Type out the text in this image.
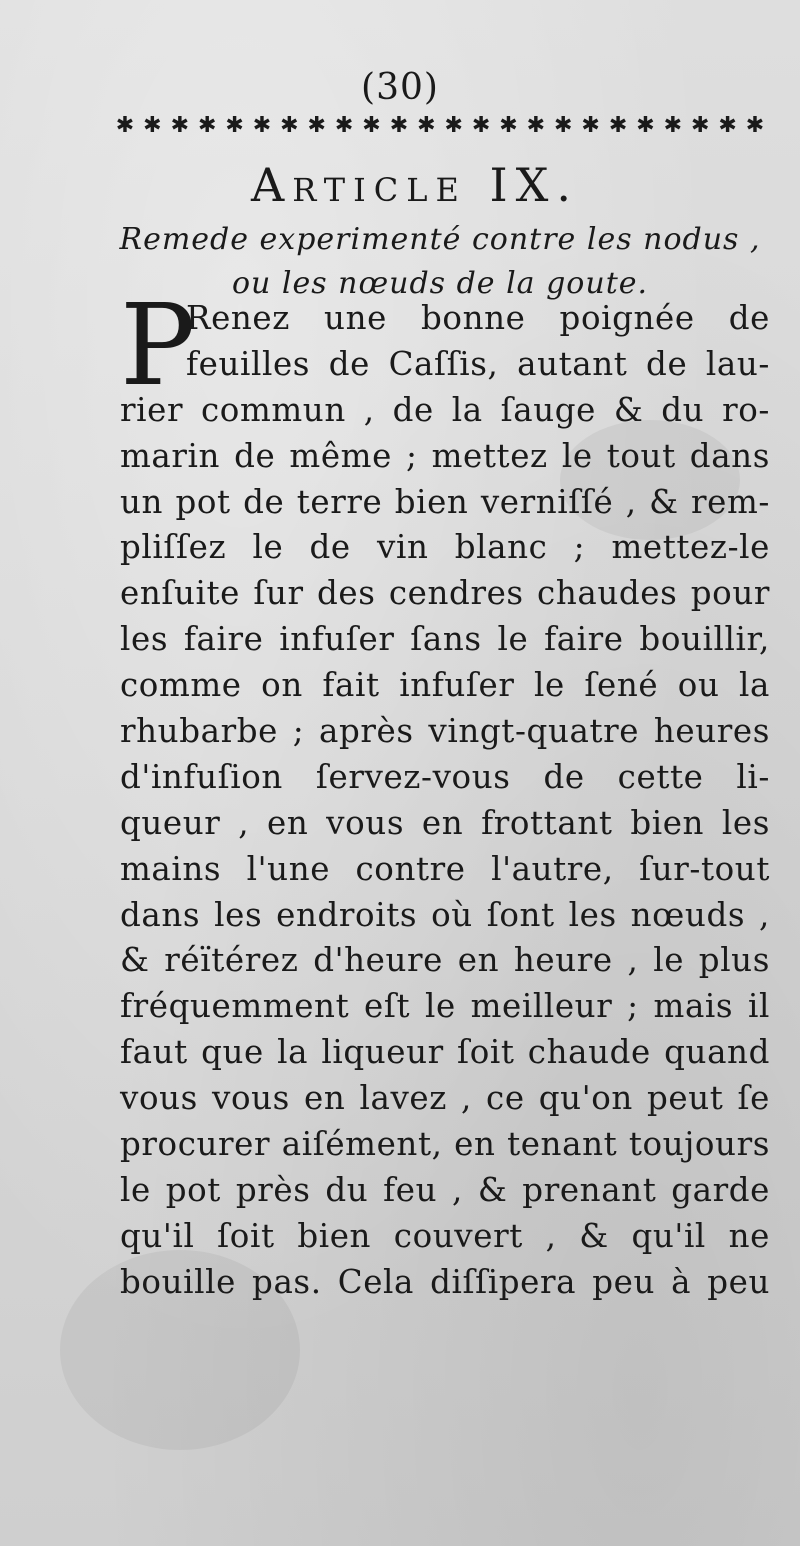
(30)
✱ ✱ ✱ ✱ ✱ ✱ ✱ ✱ ✱ ✱ ✱ ✱ ✱ ✱ ✱ ✱ ✱ ✱ ✱ ✱ ✱ ✱ ✱ ✱
Article IX.
Remede experimenté contre les nodus ,
ou les nœuds de la goute.
P
Renez une bonne poignée de
feuilles de Caſſis, autant de lau-
rier commun , de la ſauge & du ro-
marin de même ; mettez le tout dans
un pot de terre bien verniſſé , & rem-
pliſſez le de vin blanc ; mettez-le
enſuite ſur des cendres chaudes pour
les faire infuſer ſans le faire bouillir,
comme on fait infuſer le ſené ou la
rhubarbe ; après vingt-quatre heures
d'infuſion ſervez-vous de cette li-
queur , en vous en frottant bien les
mains l'une contre l'autre, ſur-tout
dans les endroits où ſont les nœuds ,
& réïtérez d'heure en heure , le plus
fréquemment eſt le meilleur ; mais il
faut que la liqueur ſoit chaude quand
vous vous en lavez , ce qu'on peut ſe
procurer aiſément, en tenant toujours
le pot près du feu , & prenant garde
qu'il ſoit bien couvert , & qu'il ne
bouille pas. Cela diſſipera peu à peu
